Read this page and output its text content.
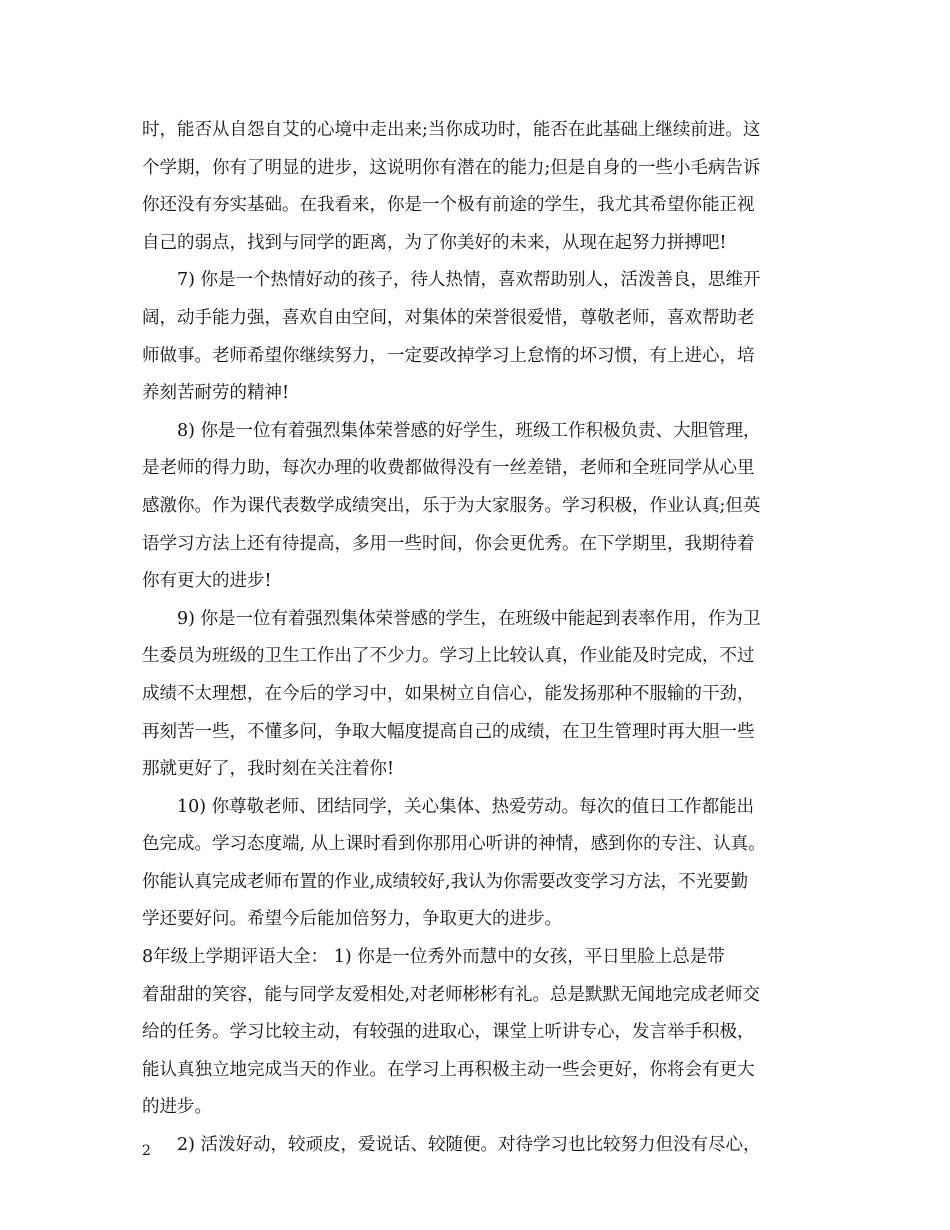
时，能否从自怨自艾的心境中走出来;当你成功时，能否在此基础上继续前进。这
个学期，你有了明显的进步，这说明你有潜在的能力;但是自身的一些小毛病告诉
你还没有夯实基础。在我看来，你是一个极有前途的学生，我尤其希望你能正视
自己的弱点，找到与同学的距离，为了你美好的未来，从现在起努力拼搏吧!
7) 你是一个热情好动的孩子，待人热情，喜欢帮助别人，活泼善良，思维开
阔，动手能力强，喜欢自由空间，对集体的荣誉很爱惜，尊敬老师，喜欢帮助老
师做事。老师希望你继续努力，一定要改掉学习上怠惰的坏习惯，有上进心，培
养刻苦耐劳的精神!
8) 你是一位有着强烈集体荣誉感的好学生，班级工作积极负责、大胆管理，
是老师的得力助，每次办理的收费都做得没有一丝差错，老师和全班同学从心里
感激你。作为课代表数学成绩突出，乐于为大家服务。学习积极，作业认真;但英
语学习方法上还有待提高，多用一些时间，你会更优秀。在下学期里，我期待着
你有更大的进步!
9) 你是一位有着强烈集体荣誉感的学生，在班级中能起到表率作用，作为卫
生委员为班级的卫生工作出了不少力。学习上比较认真，作业能及时完成，不过
成绩不太理想，在今后的学习中，如果树立自信心，能发扬那种不服输的干劲，
再刻苦一些，不懂多问，争取大幅度提高自己的成绩，在卫生管理时再大胆一些
那就更好了，我时刻在关注着你!
10) 你尊敬老师、团结同学，关心集体、热爱劳动。每次的值日工作都能出
色完成。学习态度端, 从上课时看到你那用心听讲的神情，感到你的专注、认真。
你能认真完成老师布置的作业,成绩较好,我认为你需要改变学习方法，不光要勤
学还要好问。希望今后能加倍努力，争取更大的进步。
8年级上学期评语大全： 1) 你是一位秀外而慧中的女孩，平日里脸上总是带
着甜甜的笑容，能与同学友爱相处,对老师彬彬有礼。总是默默无闻地完成老师交
给的任务。学习比较主动，有较强的进取心，课堂上听讲专心，发言举手积极，
能认真独立地完成当天的作业。在学习上再积极主动一些会更好，你将会有更大
的进步。
2) 活泼好动，较顽皮，爱说话、较随便。对待学习也比较努力但没有尽心，
2
